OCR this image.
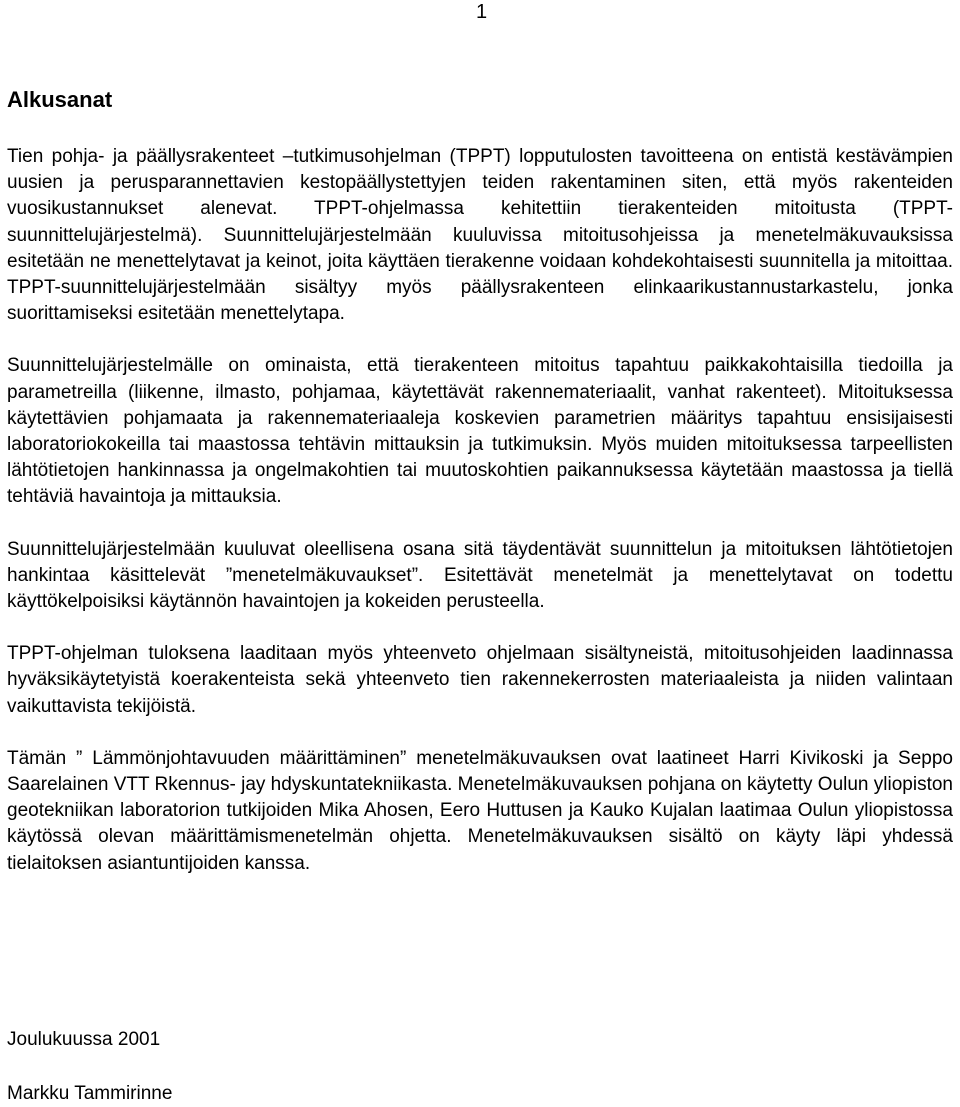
1
Alkusanat

Tien pohja- ja päällysrakenteet –tutkimusohjelman (TPPT) lopputulosten tavoitteena on entistä kestävämpien uusien ja perusparannettavien kestopäällystettyjen teiden rakentaminen siten, että myös rakenteiden vuosikustannukset alenevat. TPPT-ohjelmassa kehitettiin tierakenteiden mitoitusta (TPPT-suunnittelujärjestelmä). Suunnittelujärjestelmään kuuluvissa mitoitusohjeissa ja menetelmäkuvauksissa esitetään ne menettelytavat ja keinot, joita käyttäen tierakenne voidaan kohdekohtaisesti suunnitella ja mitoittaa. TPPT-suunnittelujärjestelmään sisältyy myös päällysrakenteen elinkaarikustannustarkastelu, jonka suorittamiseksi esitetään menettelytapa.

Suunnittelujärjestelmälle on ominaista, että tierakenteen mitoitus tapahtuu paikkakohtaisilla tiedoilla ja parametreilla (liikenne, ilmasto, pohjamaa, käytettävät rakennemateriaalit, vanhat rakenteet). Mitoituksessa käytettävien pohjamaata ja rakennemateriaaleja koskevien parametrien määritys tapahtuu ensisijaisesti laboratoriokokeilla tai maastossa tehtävin mittauksin ja tutkimuksin. Myös muiden mitoituksessa tarpeellisten lähtötietojen hankinnassa ja ongelmakohtien tai muutoskohtien paikannuksessa käytetään maastossa ja tiellä tehtäviä havaintoja ja mittauksia.

Suunnittelujärjestelmään kuuluvat oleellisena osana sitä täydentävät suunnittelun ja mitoituksen lähtötietojen hankintaa käsittelevät ”menetelmäkuvaukset”. Esitettävät menetelmät ja menettelytavat on todettu käyttökelpoisiksi käytännön havaintojen ja kokeiden perusteella.

TPPT-ohjelman tuloksena laaditaan myös yhteenveto ohjelmaan sisältyneistä, mitoitusohjeiden laadinnassa hyväksikäytetyistä koerakenteista sekä yhteenveto tien rakennekerrosten materiaaleista ja niiden valintaan vaikuttavista tekijöistä.

Tämän ” Lämmönjohtavuuden määrittäminen” menetelmäkuvauksen ovat laatineet Harri Kivikoski ja Seppo Saarelainen VTT Rkennus- jay hdyskuntatekniikasta. Menetelmäkuvauksen pohjana on käytetty Oulun yliopiston geotekniikan laboratorion tutkijoiden Mika Ahosen, Eero Huttusen ja Kauko Kujalan laatimaa Oulun yliopistossa käytössä olevan määrittämismenetelmän ohjetta. Menetelmäkuvauksen sisältö on käyty läpi yhdessä tielaitoksen asiantuntijoiden kanssa.

Joulukuussa 2001

Markku Tammirinne
